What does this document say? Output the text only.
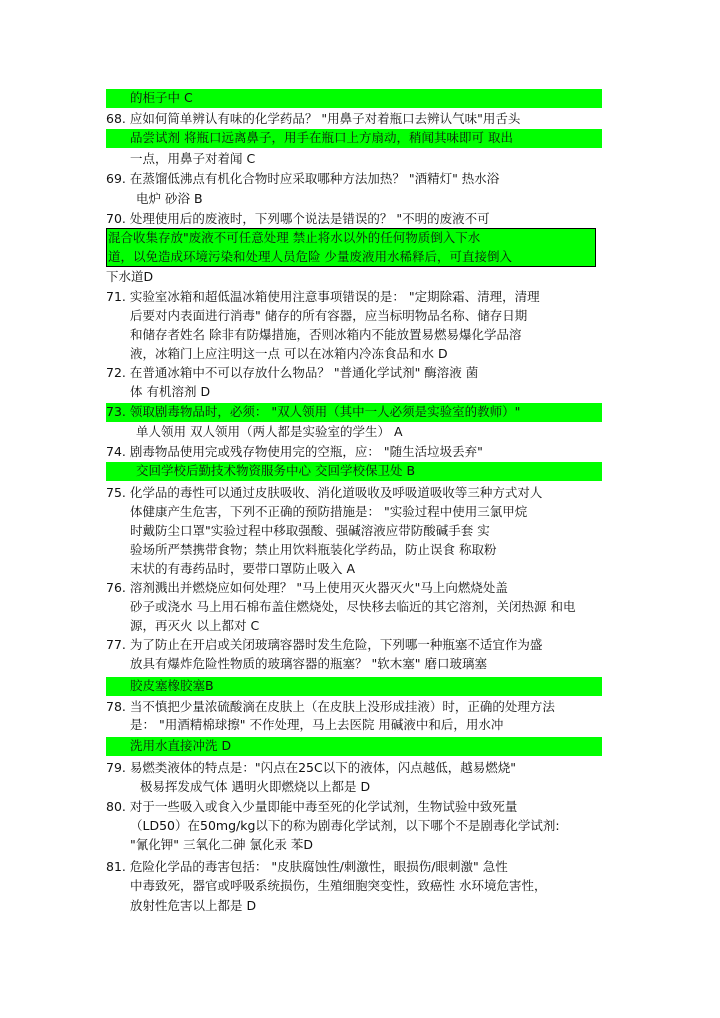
的柜子中 C
68. 应如何简单辨认有味的化学药品？ "用鼻子对着瓶口去辨认气味"用舌头
品尝试剂 将瓶口远离鼻子，用手在瓶口上方扇动，稍闻其味即可 取出
一点，用鼻子对着闻 C
69. 在蒸馏低沸点有机化合物时应采取哪种方法加热？ "酒精灯" 热水浴
电炉 砂浴 B
70. 处理使用后的废液时，下列哪个说法是错误的？ "不明的废液不可
混合收集存放"废液不可任意处理 禁止将水以外的任何物质倒入下水
道，以免造成环境污染和处理人员危险 少量废液用水稀释后，可直接倒入
下水道D
71. 实验室冰箱和超低温冰箱使用注意事项错误的是： "定期除霜、清理，清理
后要对内表面进行消毒" 储存的所有容器，应当标明物品名称、储存日期
和储存者姓名 除非有防爆措施，否则冰箱内不能放置易燃易爆化学品溶
液，冰箱门上应注明这一点 可以在冰箱内冷冻食品和水 D
72. 在普通冰箱中不可以存放什么物品？ "普通化学试剂" 酶溶液 菌
体 有机溶剂 D
73. 领取剧毒物品时，必须： "双人领用（其中一人必须是实验室的教师）"
单人领用 双人领用（两人都是实验室的学生） A
74. 剧毒物品使用完或残存物使用完的空瓶，应： "随生活垃圾丢弃"
交回学校后勤技术物资服务中心 交回学校保卫处 B
75. 化学品的毒性可以通过皮肤吸收、消化道吸收及呼吸道吸收等三种方式对人
体健康产生危害，下列不正确的预防措施是： "实验过程中使用三氯甲烷
时戴防尘口罩"实验过程中移取强酸、强碱溶液应带防酸碱手套 实
验场所严禁携带食物；禁止用饮料瓶装化学药品，防止误食 称取粉
末状的有毒药品时，要带口罩防止吸入 A
76. 溶剂溅出并燃烧应如何处理？ "马上使用灭火器灭火"马上向燃烧处盖
砂子或浇水 马上用石棉布盖住燃烧处，尽快移去临近的其它溶剂，关闭热源 和电
源，再灭火 以上都对 C
77. 为了防止在开启或关闭玻璃容器时发生危险，下列哪一种瓶塞不适宜作为盛
放具有爆炸危险性物质的玻璃容器的瓶塞？ "软木塞" 磨口玻璃塞
胶皮塞橡胶塞B
78. 当不慎把少量浓硫酸滴在皮肤上（在皮肤上没形成挂液）时，正确的处理方法
是： "用酒精棉球擦" 不作处理，马上去医院 用碱液中和后，用水冲
洗用水直接冲洗 D
79. 易燃类液体的特点是："闪点在25C以下的液体，闪点越低，越易燃烧"
极易挥发成气体 遇明火即燃烧以上都是 D
80. 对于一些吸入或食入少量即能中毒至死的化学试剂，生物试验中致死量
（LD50）在50mg/kg以下的称为剧毒化学试剂，以下哪个不是剧毒化学试剂:
"氰化钾" 三氧化二砷 氯化汞 苯D
81. 危险化学品的毒害包括： "皮肤腐蚀性/刺激性，眼损伤/眼刺激" 急性
中毒致死，器官或呼吸系统损伤，生殖细胞突变性，致癌性 水环境危害性，
放射性危害以上都是 D
